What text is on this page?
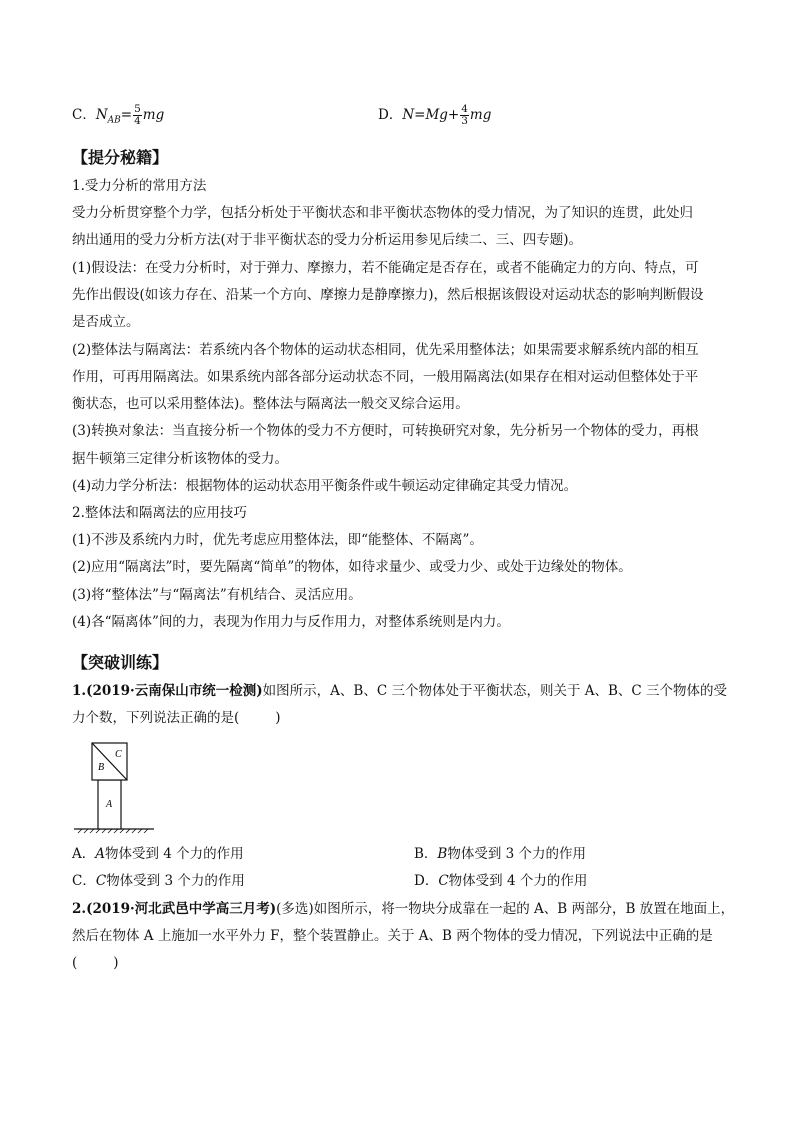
C．$N_{AB}= \frac{5}{4}$ mg	D．$N=Mg+ \frac{4}{3}$ mg
【提分秘籍】
1.受力分析的常用方法
受力分析贯穿整个力学，包括分析处于平衡状态和非平衡状态物体的受力情况，为了知识的连贯，此处归
纳出通用的受力分析方法(对于非平衡状态的受力分析运用参见后续二、三、四专题)。
(1)假设法：在受力分析时，对于弹力、摩擦力，若不能确定是否存在，或者不能确定力的方向、特点，可
先作出假设(如该力存在、沿某一个方向、摩擦力是静摩擦力)，然后根据该假设对运动状态的影响判断假设
是否成立。
(2)整体法与隔离法：若系统内各个物体的运动状态相同，优先采用整体法；如果需要求解系统内部的相互
作用，可再用隔离法。如果系统内部各部分运动状态不同，一般用隔离法(如果存在相对运动但整体处于平
衡状态，也可以采用整体法)。整体法与隔离法一般交叉综合运用。
(3)转换对象法：当直接分析一个物体的受力不方便时，可转换研究对象，先分析另一个物体的受力，再根
据牛顿第三定律分析该物体的受力。
(4)动力学分析法：根据物体的运动状态用平衡条件或牛顿运动定律确定其受力情况。
2.整体法和隔离法的应用技巧
(1)不涉及系统内力时，优先考虑应用整体法，即“能整体、不隔离”。
(2)应用“隔离法”时，要先隔离“简单”的物体，如待求量少、或受力少、或处于边缘处的物体。
(3)将“整体法”与“隔离法”有机结合、灵活应用。
(4)各“隔离体”间的力，表现为作用力与反作用力，对整体系统则是内力。
【突破训练】
1.(2019·云南保山市统一检测)如图所示，A、B、C 三个物体处于平衡状态，则关于 A、B、C 三个物体的受
力个数，下列说法正确的是(	)
C
B
A
A．A物体受到 4 个力的作用	B．B物体受到 3 个力的作用
C．C物体受到 3 个力的作用	D．C物体受到 4 个力的作用
2.(2019·河北武邑中学高三月考)(多选)如图所示，将一物块分成靠在一起的 A、B 两部分，B 放置在地面上，
然后在物体 A 上施加一水平外力 F，整个装置静止。关于 A、B 两个物体的受力情况，下列说法中正确的是
(	)
